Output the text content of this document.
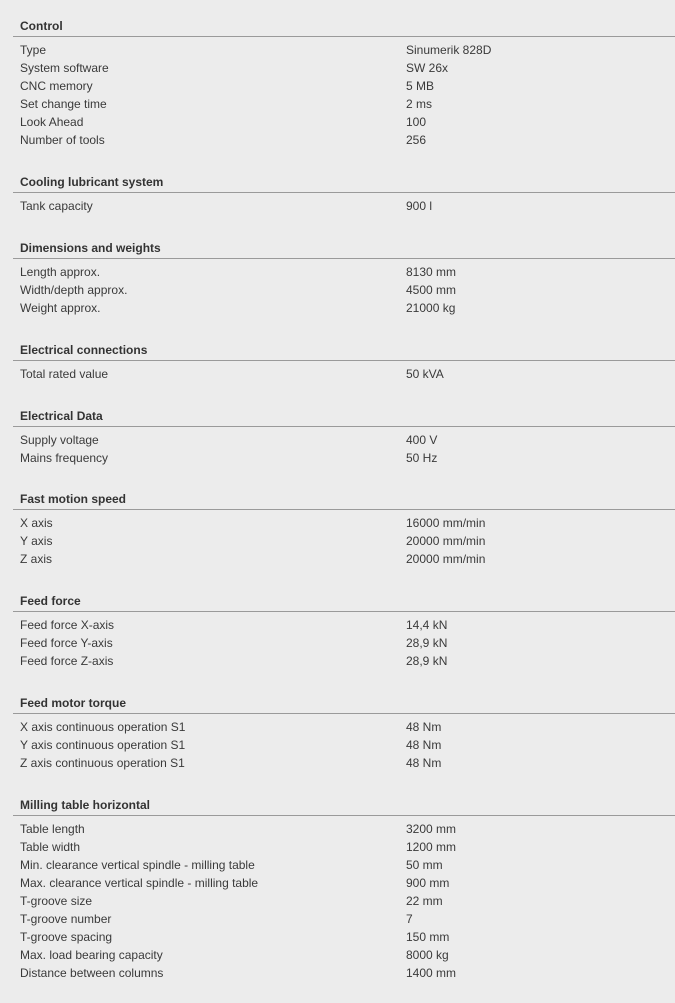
Control
Type	Sinumerik 828D
System software	SW 26x
CNC memory	5 MB
Set change time	2 ms
Look Ahead	100
Number of tools	256
Cooling lubricant system
Tank capacity	900 l
Dimensions and weights
Length approx.	8130 mm
Width/depth approx.	4500 mm
Weight approx.	21000 kg
Electrical connections
Total rated value	50 kVA
Electrical Data
Supply voltage	400 V
Mains frequency	50 Hz
Fast motion speed
X axis	16000 mm/min
Y axis	20000 mm/min
Z axis	20000 mm/min
Feed force
Feed force X-axis	14,4 kN
Feed force Y-axis	28,9 kN
Feed force Z-axis	28,9 kN
Feed motor torque
X axis continuous operation S1	48 Nm
Y axis continuous operation S1	48 Nm
Z axis continuous operation S1	48 Nm
Milling table horizontal
Table length	3200 mm
Table width	1200 mm
Min. clearance vertical spindle - milling table	50 mm
Max. clearance vertical spindle - milling table	900 mm
T-groove size	22 mm
T-groove number	7
T-groove spacing	150 mm
Max. load bearing capacity	8000 kg
Distance between columns	1400 mm
